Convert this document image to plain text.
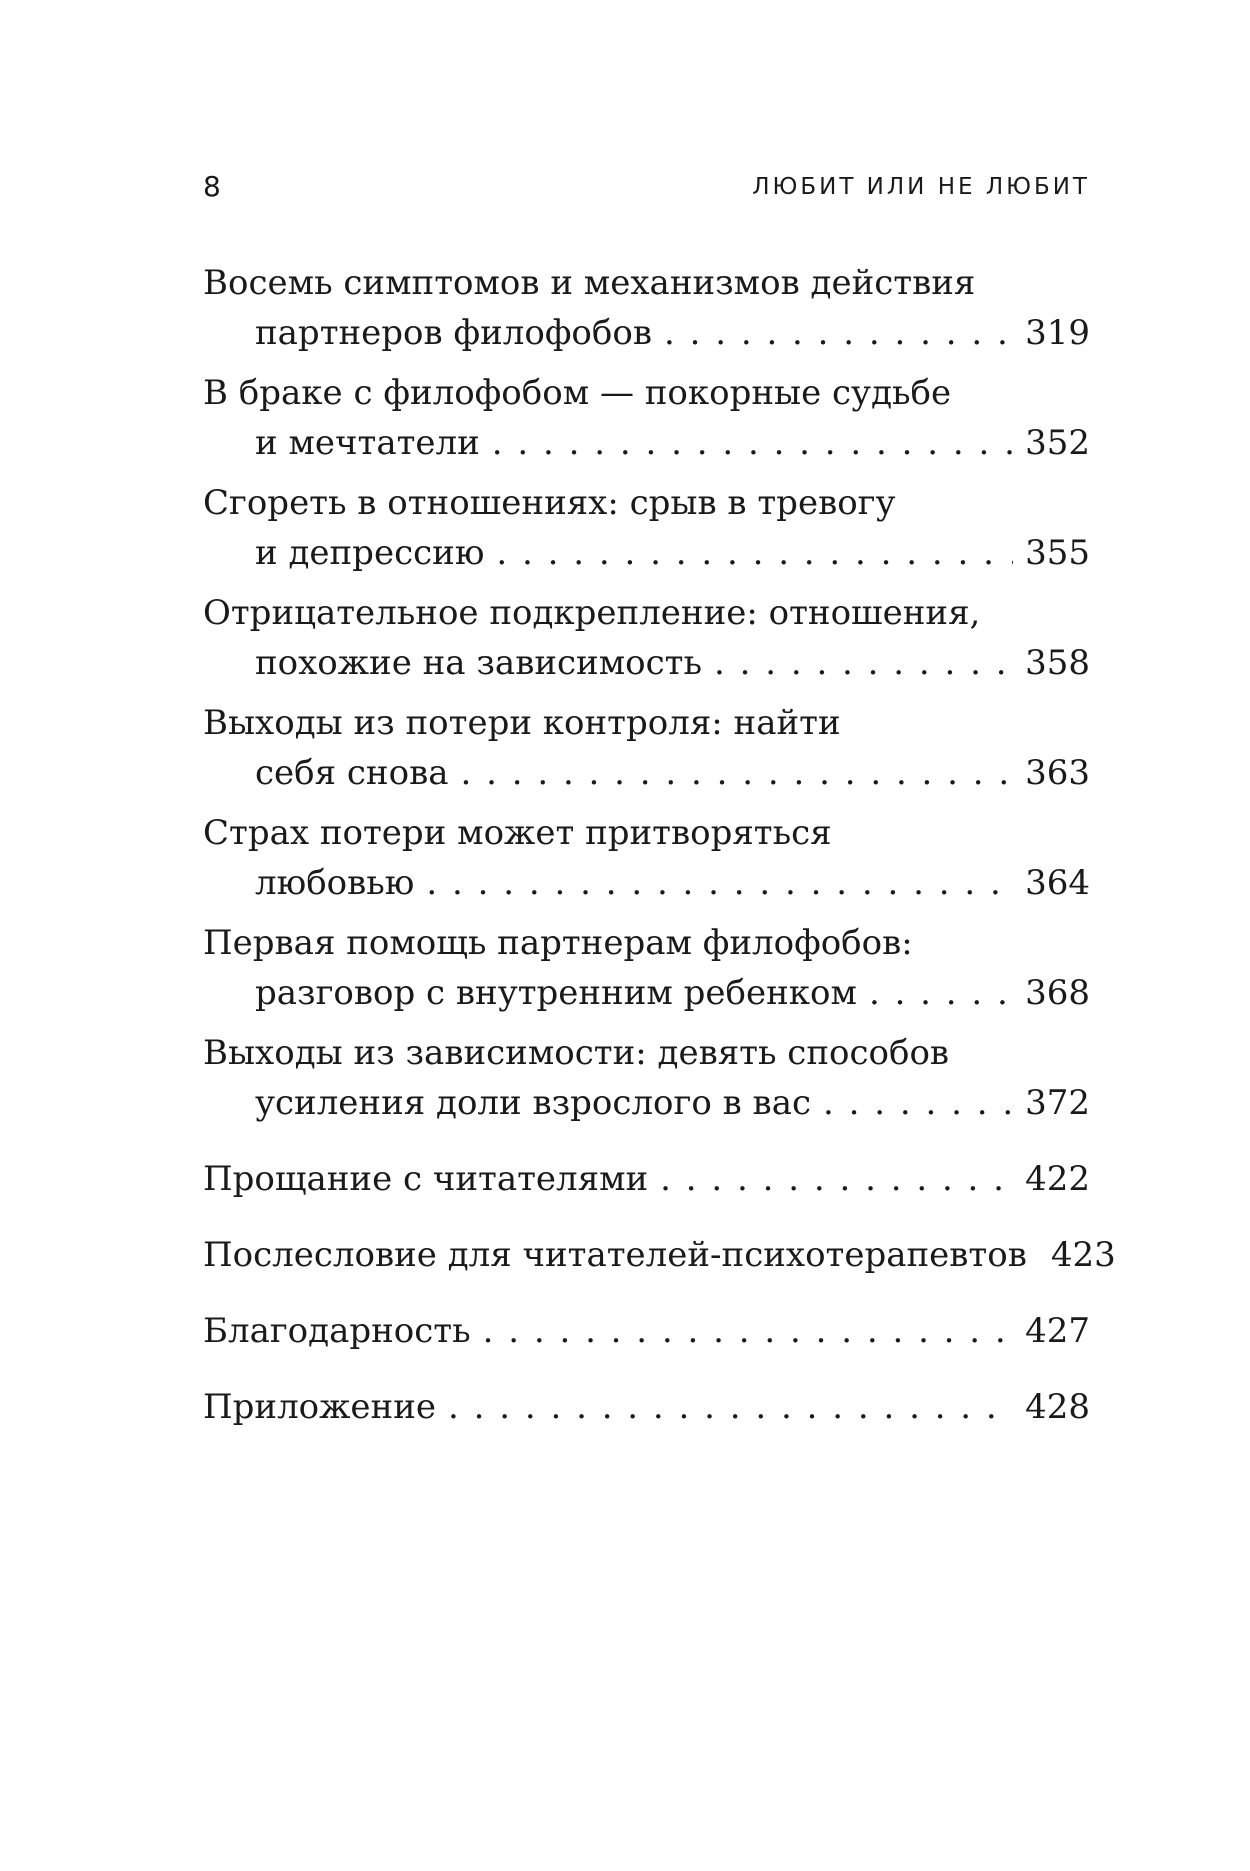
8	ЛЮБИТ ИЛИ НЕ ЛЮБИТ
Восемь симптомов и механизмов действия
партнеров филофобов . . .	319
В браке с филофобом — покорные судьбе
и мечтатели . . .	352
Сгореть в отношениях: срыв в тревогу
и депрессию . . .	355
Отрицательное подкрепление: отношения,
похожие на зависимость . . .	358
Выходы из потери контроля: найти
себя снова . . .	363
Страх потери может притворяться
любовью . . .	364
Первая помощь партнерам филофобов:
разговор с внутренним ребенком . . .	368
Выходы из зависимости: девять способов
усиления доли взрослого в вас . . .	372
Прощание с читателями . . .	422
Послесловие для читателей-психотерапевтов 423
Благодарность . . .	427
Приложение . . .	428
